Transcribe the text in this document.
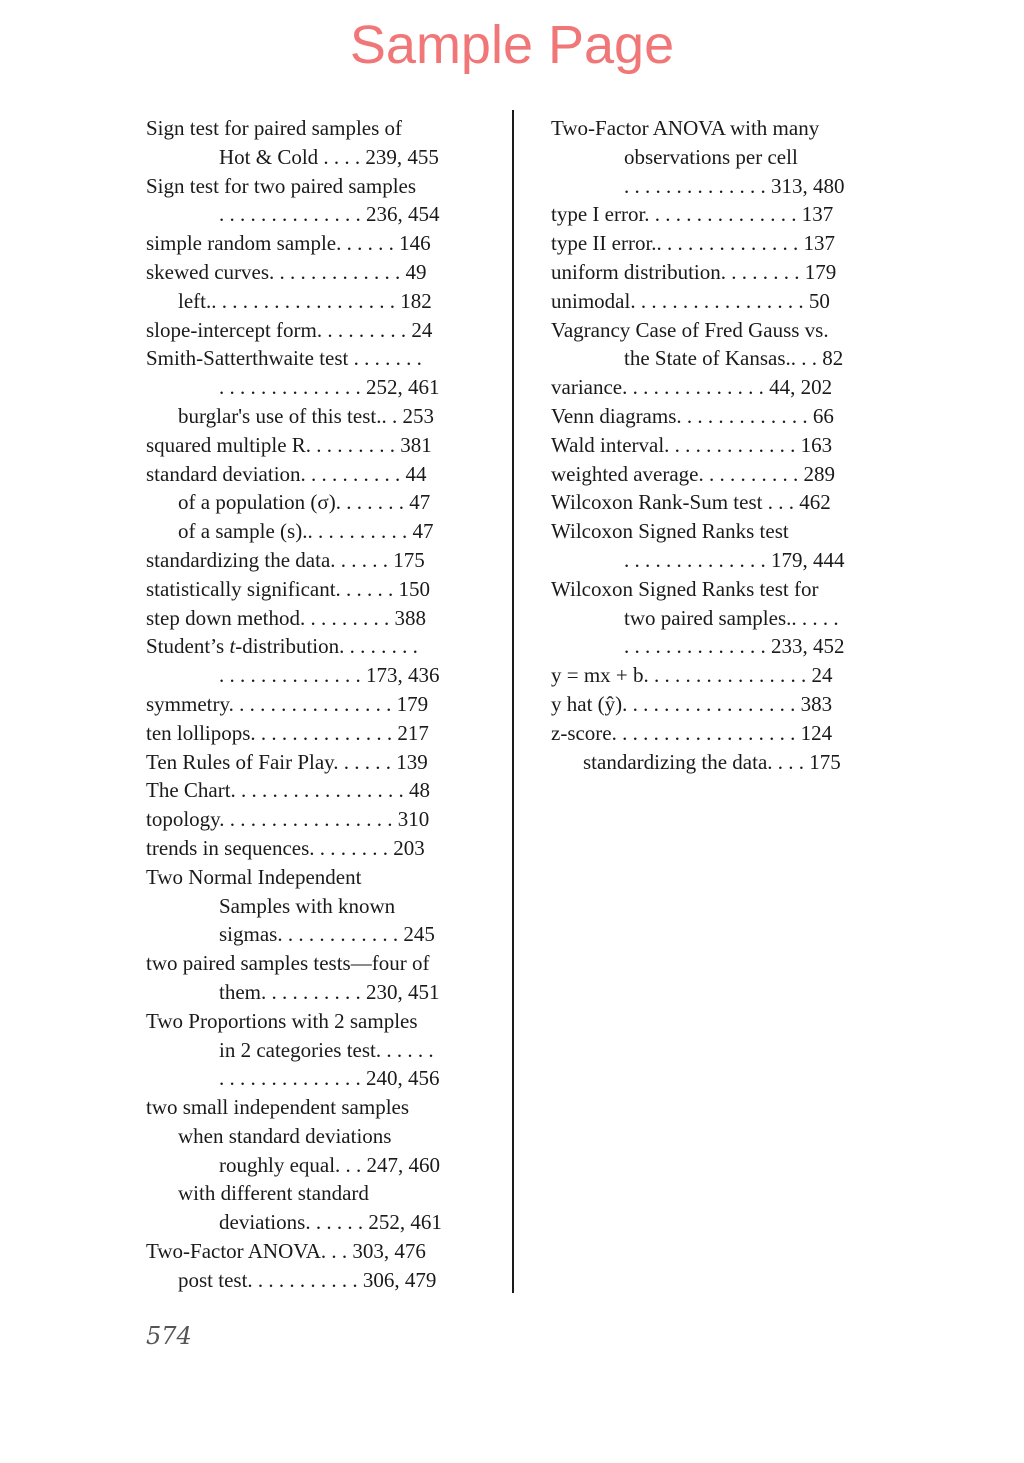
Sample Page
Sign test for paired samples of
Hot & Cold . . . . 239, 455
Sign test for two paired samples
. . . . . . . . . . . . . . 236, 454
simple random sample. . . . . . 146
skewed curves. . . . . . . . . . . . . 49
left.. . . . . . . . . . . . . . . . . . 182
slope-intercept form. . . . . . . . . 24
Smith-Satterthwaite test . . . . . . .
. . . . . . . . . . . . . . 252, 461
burglar's use of this test.. . 253
squared multiple R. . . . . . . . . 381
standard deviation. . . . . . . . . . 44
of a population (σ). . . . . . . 47
of a sample (s).. . . . . . . . . . 47
standardizing the data. . . . . . 175
statistically significant. . . . . . 150
step down method. . . . . . . . . 388
Student’s t-distribution. . . . . . . .
. . . . . . . . . . . . . . 173, 436
symmetry. . . . . . . . . . . . . . . . 179
ten lollipops. . . . . . . . . . . . . . 217
Ten Rules of Fair Play. . . . . . 139
The Chart. . . . . . . . . . . . . . . . . 48
topology. . . . . . . . . . . . . . . . . 310
trends in sequences. . . . . . . . 203
Two Normal Independent
Samples with known
sigmas. . . . . . . . . . . . 245
two paired samples tests—four of
them. . . . . . . . . . 230, 451
Two Proportions with 2 samples
in 2 categories test. . . . . .
. . . . . . . . . . . . . . 240, 456
two small independent samples
when standard deviations
roughly equal. . . 247, 460
with different standard
deviations. . . . . . 252, 461
Two-Factor ANOVA. . . 303, 476
post test. . . . . . . . . . . 306, 479
Two-Factor ANOVA with many
observations per cell
. . . . . . . . . . . . . . 313, 480
type I error. . . . . . . . . . . . . . . 137
type II error.. . . . . . . . . . . . . . 137
uniform distribution. . . . . . . . 179
unimodal. . . . . . . . . . . . . . . . . 50
Vagrancy Case of Fred Gauss vs.
the State of Kansas.. . . 82
variance. . . . . . . . . . . . . . 44, 202
Venn diagrams. . . . . . . . . . . . . 66
Wald interval. . . . . . . . . . . . . 163
weighted average. . . . . . . . . . 289
Wilcoxon Rank-Sum test . . . 462
Wilcoxon Signed Ranks test
. . . . . . . . . . . . . . 179, 444
Wilcoxon Signed Ranks test for
two paired samples.. . . . .
. . . . . . . . . . . . . . 233, 452
y = mx + b. . . . . . . . . . . . . . . . 24
y hat (ŷ). . . . . . . . . . . . . . . . . 383
z-score. . . . . . . . . . . . . . . . . . 124
standardizing the data. . . . 175
574
